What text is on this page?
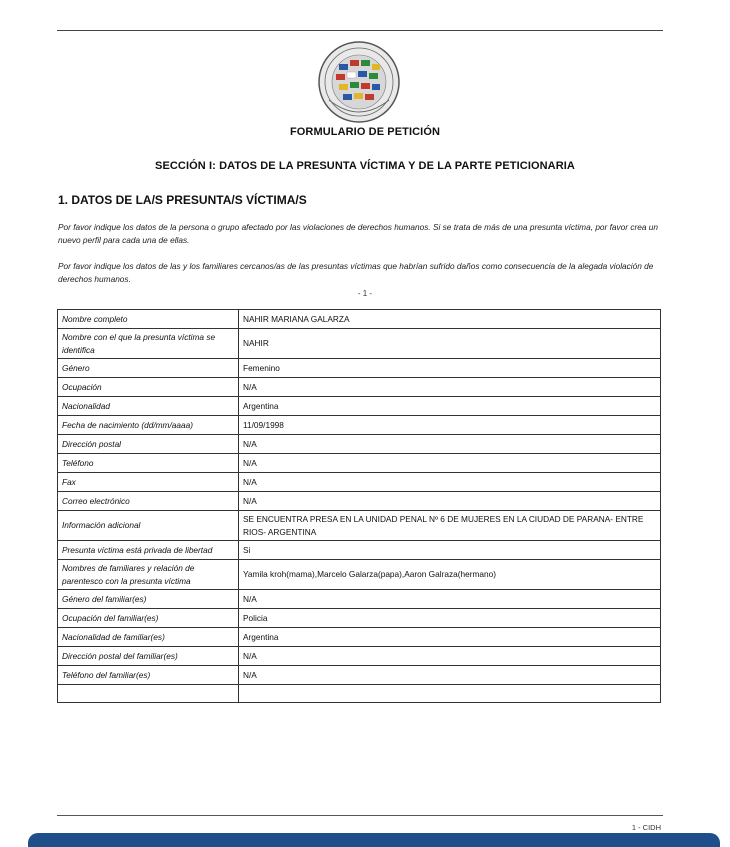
FORMULARIO DE PETICIÓN
SECCIÓN I: DATOS DE LA PRESUNTA VÍCTIMA Y DE LA PARTE PETICIONARIA
1. DATOS DE LA/S PRESUNTA/S VÍCTIMA/S
Por favor indique los datos de la persona o grupo afectado por las violaciones de derechos humanos. Si se trata de más de una presunta víctima, por favor crea un nuevo perfil para cada una de ellas.
Por favor indique los datos de las y los familiares cercanos/as de las presuntas víctimas que habrían sufrido daños como consecuencia de la alegada violación de derechos humanos.
- 1 -
Nombre completo	NAHIR MARIANA GALARZA
Nombre con el que la presunta víctima se identifica	NAHIR
Género	Femenino
Ocupación	N/A
Nacionalidad	Argentina
Fecha de nacimiento (dd/mm/aaaa)	11/09/1998
Dirección postal	N/A
Teléfono	N/A
Fax	N/A
Correo electrónico	N/A
Información adicional	SE ENCUENTRA PRESA EN LA UNIDAD PENAL Nº 6 DE MUJERES EN LA CIUDAD DE PARANA- ENTRE RIOS- ARGENTINA
Presunta víctima está privada de libertad	Si
Nombres de familiares y relación de parentesco con la presunta víctima	Yamila kroh(mama),Marcelo Galarza(papa),Aaron Galraza(hermano)
Género del familiar(es)	N/A
Ocupación del familiar(es)	Policia
Nacionalidad de familiar(es)	Argentina
Dirección postal del familiar(es)	N/A
Teléfono del familiar(es)	N/A

1 - CIDH
